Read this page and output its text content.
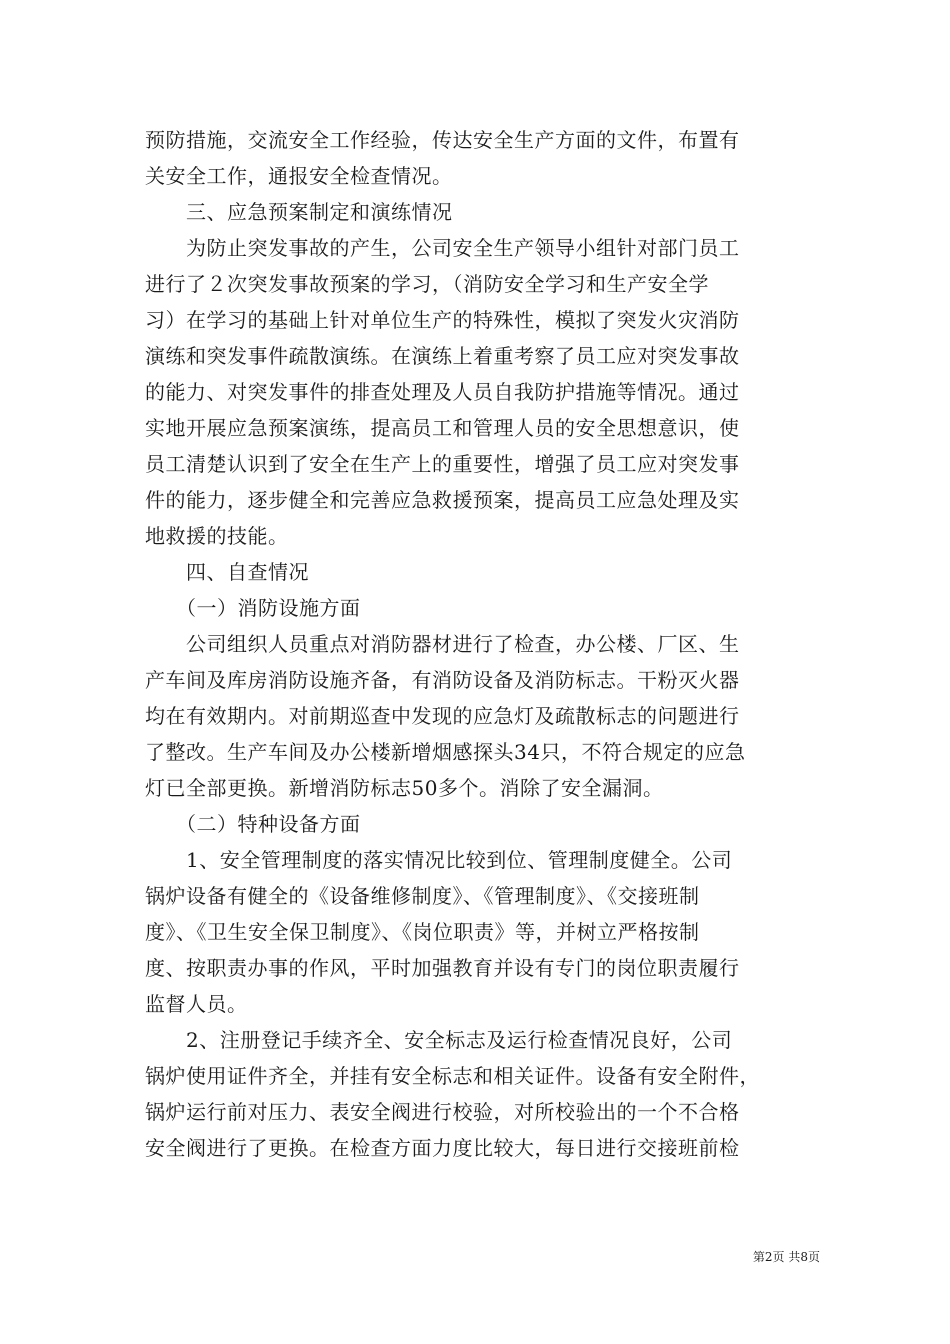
预防措施，交流安全工作经验，传达安全生产方面的文件，布置有

关安全工作，通报安全检查情况。

　　三、应急预案制定和演练情况

　　为防止突发事故的产生，公司安全生产领导小组针对部门员工

进行了２次突发事故预案的学习，（消防安全学习和生产安全学

习）在学习的基础上针对单位生产的特殊性，模拟了突发火灾消防

演练和突发事件疏散演练。在演练上着重考察了员工应对突发事故

的能力、对突发事件的排查处理及人员自我防护措施等情况。通过

实地开展应急预案演练，提高员工和管理人员的安全思想意识，使

员工清楚认识到了安全在生产上的重要性，增强了员工应对突发事

件的能力，逐步健全和完善应急救援预案，提高员工应急处理及实

地救援的技能。

　　四、自查情况

　　（一）消防设施方面

　　公司组织人员重点对消防器材进行了检查，办公楼、厂区、生

产车间及库房消防设施齐备，有消防设备及消防标志。干粉灭火器

均在有效期内。对前期巡查中发现的应急灯及疏散标志的问题进行

了整改。生产车间及办公楼新增烟感探头34只，不符合规定的应急

灯已全部更换。新增消防标志50多个。消除了安全漏洞。

　　（二）特种设备方面

　　1、安全管理制度的落实情况比较到位、管理制度健全。公司

锅炉设备有健全的《设备维修制度》、《管理制度》、《交接班制

度》、《卫生安全保卫制度》、《岗位职责》等，并树立严格按制

度、按职责办事的作风，平时加强教育并设有专门的岗位职责履行

监督人员。

　　2、注册登记手续齐全、安全标志及运行检查情况良好，公司

锅炉使用证件齐全，并挂有安全标志和相关证件。设备有安全附件，

锅炉运行前对压力、表安全阀进行校验，对所校验出的一个不合格

安全阀进行了更换。在检查方面力度比较大，每日进行交接班前检

第2页 共8页
